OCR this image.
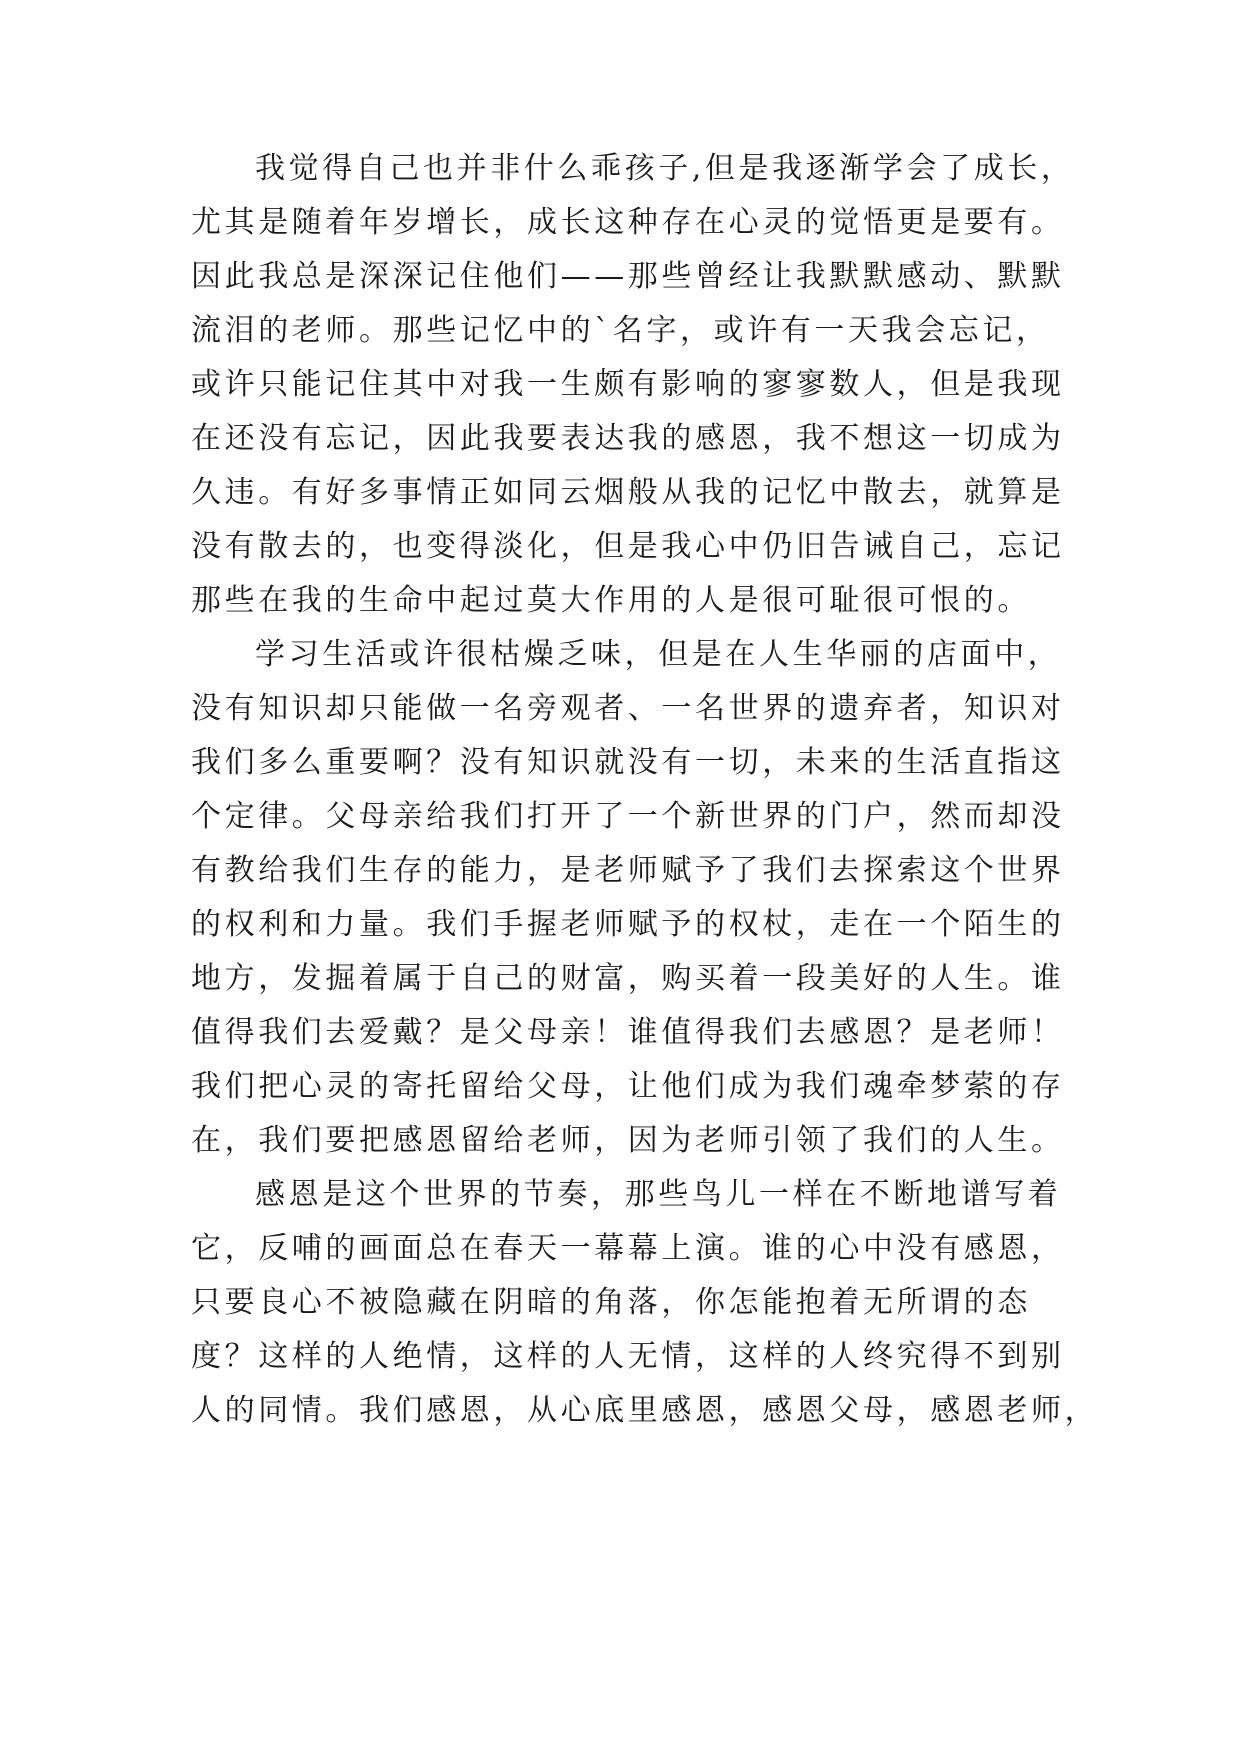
我觉得自己也并非什么乖孩子,但是我逐渐学会了成长，
尤其是随着年岁增长，成长这种存在心灵的觉悟更是要有。
因此我总是深深记住他们——那些曾经让我默默感动、默默
流泪的老师。那些记忆中的`名字，或许有一天我会忘记，
或许只能记住其中对我一生颇有影响的寥寥数人，但是我现
在还没有忘记，因此我要表达我的感恩，我不想这一切成为
久违。有好多事情正如同云烟般从我的记忆中散去，就算是
没有散去的，也变得淡化，但是我心中仍旧告诫自己，忘记
那些在我的生命中起过莫大作用的人是很可耻很可恨的。
学习生活或许很枯燥乏味，但是在人生华丽的店面中，
没有知识却只能做一名旁观者、一名世界的遗弃者，知识对
我们多么重要啊？没有知识就没有一切，未来的生活直指这
个定律。父母亲给我们打开了一个新世界的门户，然而却没
有教给我们生存的能力，是老师赋予了我们去探索这个世界
的权利和力量。我们手握老师赋予的权杖，走在一个陌生的
地方，发掘着属于自己的财富，购买着一段美好的人生。谁
值得我们去爱戴？是父母亲！谁值得我们去感恩？是老师！
我们把心灵的寄托留给父母，让他们成为我们魂牵梦萦的存
在，我们要把感恩留给老师，因为老师引领了我们的人生。
感恩是这个世界的节奏，那些鸟儿一样在不断地谱写着
它，反哺的画面总在春天一幕幕上演。谁的心中没有感恩，
只要良心不被隐藏在阴暗的角落，你怎能抱着无所谓的态
度？这样的人绝情，这样的人无情，这样的人终究得不到别
人的同情。我们感恩，从心底里感恩，感恩父母，感恩老师，
